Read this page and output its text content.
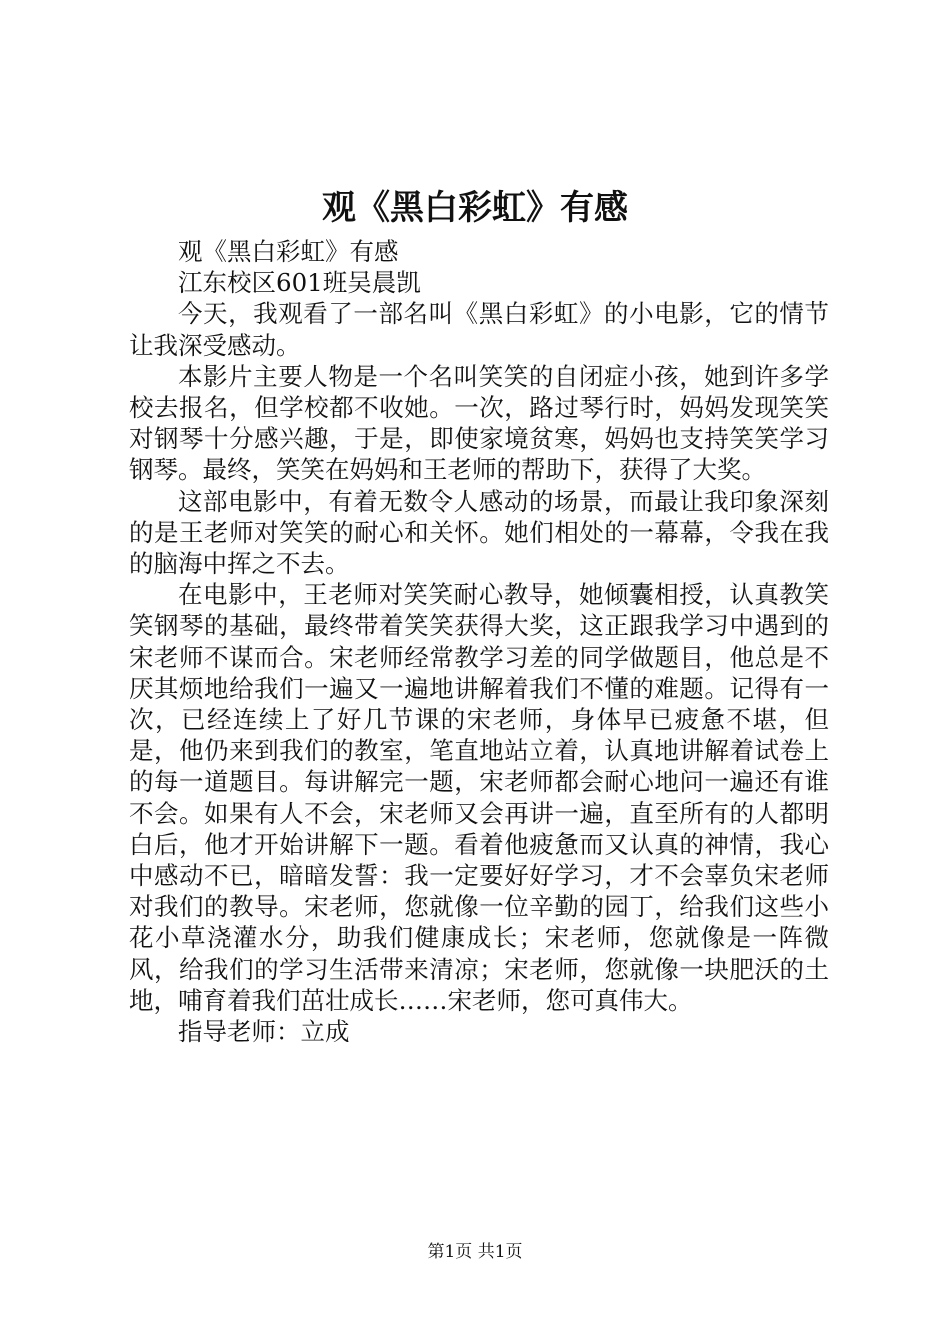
观《黑白彩虹》有感

观《黑白彩虹》有感

江东校区601班吴晨凯

今天，我观看了一部名叫《黑白彩虹》的小电影，它的情节让我深受感动。

本影片主要人物是一个名叫笑笑的自闭症小孩，她到许多学校去报名，但学校都不收她。一次，路过琴行时，妈妈发现笑笑对钢琴十分感兴趣，于是，即使家境贫寒，妈妈也支持笑笑学习钢琴。最终，笑笑在妈妈和王老师的帮助下，获得了大奖。

这部电影中，有着无数令人感动的场景，而最让我印象深刻的是王老师对笑笑的耐心和关怀。她们相处的一幕幕，令我在我的脑海中挥之不去。

在电影中，王老师对笑笑耐心教导，她倾囊相授，认真教笑笑钢琴的基础，最终带着笑笑获得大奖，这正跟我学习中遇到的宋老师不谋而合。宋老师经常教学习差的同学做题目，他总是不厌其烦地给我们一遍又一遍地讲解着我们不懂的难题。记得有一次，已经连续上了好几节课的宋老师，身体早已疲惫不堪，但是，他仍来到我们的教室，笔直地站立着，认真地讲解着试卷上的每一道题目。每讲解完一题，宋老师都会耐心地问一遍还有谁不会。如果有人不会，宋老师又会再讲一遍，直至所有的人都明白后，他才开始讲解下一题。看着他疲惫而又认真的神情，我心中感动不已，暗暗发誓：我一定要好好学习，才不会辜负宋老师对我们的教导。宋老师，您就像一位辛勤的园丁，给我们这些小花小草浇灌水分，助我们健康成长；宋老师，您就像是一阵微风，给我们的学习生活带来清凉；宋老师，您就像一块肥沃的土地，哺育着我们茁壮成长……宋老师，您可真伟大。

指导老师：立成

第1页 共1页
